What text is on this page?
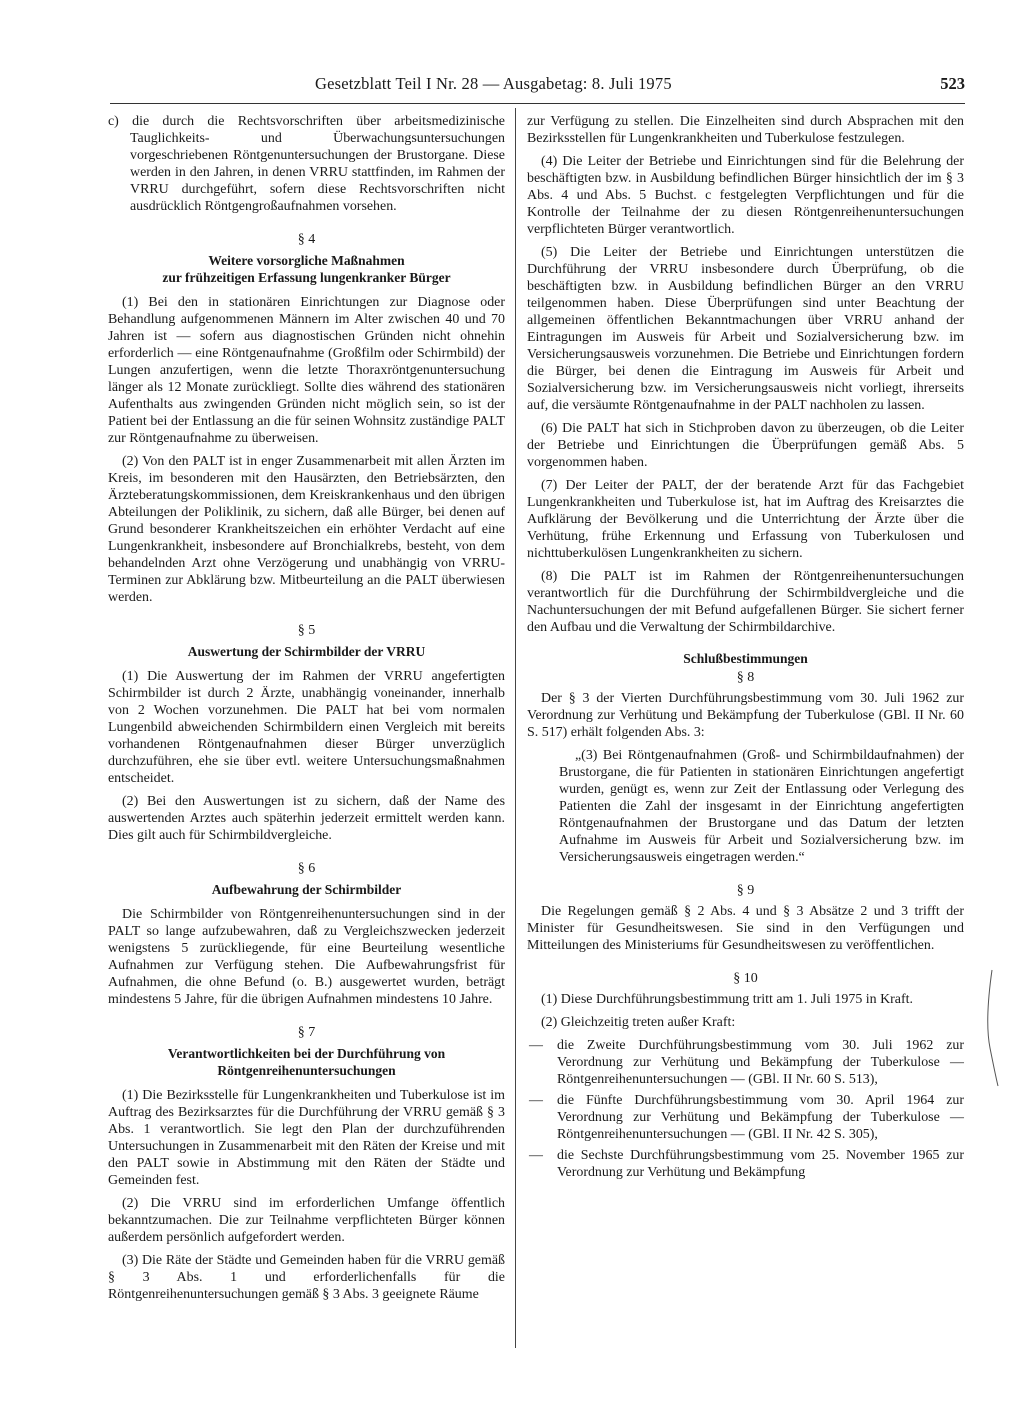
Gesetzblatt Teil I Nr. 28 — Ausgabetag: 8. Juli 1975	523

c) die durch die Rechtsvorschriften über arbeitsmedizinische Tauglichkeits- und Überwachungsuntersuchungen vorgeschriebenen Röntgenuntersuchungen der Brustorgane. Diese werden in den Jahren, in denen VRRU stattfinden, im Rahmen der VRRU durchgeführt, sofern diese Rechtsvorschriften nicht ausdrücklich Röntgengroßaufnahmen vorsehen.

§ 4
Weitere vorsorgliche Maßnahmen
zur frühzeitigen Erfassung lungenkranker Bürger

(1) Bei den in stationären Einrichtungen zur Diagnose oder Behandlung aufgenommenen Männern im Alter zwischen 40 und 70 Jahren ist — sofern aus diagnostischen Gründen nicht ohnehin erforderlich — eine Röntgenaufnahme (Großfilm oder Schirmbild) der Lungen anzufertigen, wenn die letzte Thoraxröntgenuntersuchung länger als 12 Monate zurückliegt. Sollte dies während des stationären Aufenthalts aus zwingenden Gründen nicht möglich sein, so ist der Patient bei der Entlassung an die für seinen Wohnsitz zuständige PALT zur Röntgenaufnahme zu überweisen.

(2) Von den PALT ist in enger Zusammenarbeit mit allen Ärzten im Kreis, im besonderen mit den Hausärzten, den Betriebsärzten, den Ärzteberatungskommissionen, dem Kreiskrankenhaus und den übrigen Abteilungen der Poliklinik, zu sichern, daß alle Bürger, bei denen auf Grund besonderer Krankheitszeichen ein erhöhter Verdacht auf eine Lungenkrankheit, insbesondere auf Bronchialkrebs, besteht, von dem behandelnden Arzt ohne Verzögerung und unabhängig von VRRU-Terminen zur Abklärung bzw. Mitbeurteilung an die PALT überwiesen werden.

§ 5
Auswertung der Schirmbilder der VRRU

(1) Die Auswertung der im Rahmen der VRRU angefertigten Schirmbilder ist durch 2 Ärzte, unabhängig voneinander, innerhalb von 2 Wochen vorzunehmen. Die PALT hat bei vom normalen Lungenbild abweichenden Schirmbildern einen Vergleich mit bereits vorhandenen Röntgenaufnahmen dieser Bürger unverzüglich durchzuführen, ehe sie über evtl. weitere Untersuchungsmaßnahmen entscheidet.

(2) Bei den Auswertungen ist zu sichern, daß der Name des auswertenden Arztes auch späterhin jederzeit ermittelt werden kann. Dies gilt auch für Schirmbildvergleiche.

§ 6
Aufbewahrung der Schirmbilder

Die Schirmbilder von Röntgenreihenuntersuchungen sind in der PALT so lange aufzubewahren, daß zu Vergleichszwecken jederzeit wenigstens 5 zurückliegende, für eine Beurteilung wesentliche Aufnahmen zur Verfügung stehen. Die Aufbewahrungsfrist für Aufnahmen, die ohne Befund (o. B.) ausgewertet wurden, beträgt mindestens 5 Jahre, für die übrigen Aufnahmen mindestens 10 Jahre.

§ 7
Verantwortlichkeiten bei der Durchführung von
Röntgenreihenuntersuchungen

(1) Die Bezirksstelle für Lungenkrankheiten und Tuberkulose ist im Auftrag des Bezirksarztes für die Durchführung der VRRU gemäß § 3 Abs. 1 verantwortlich. Sie legt den Plan der durchzuführenden Untersuchungen in Zusammenarbeit mit den Räten der Kreise und mit den PALT sowie in Abstimmung mit den Räten der Städte und Gemeinden fest.

(2) Die VRRU sind im erforderlichen Umfange öffentlich bekanntzumachen. Die zur Teilnahme verpflichteten Bürger können außerdem persönlich aufgefordert werden.

(3) Die Räte der Städte und Gemeinden haben für die VRRU gemäß § 3 Abs. 1 und erforderlichenfalls für die Röntgenreihenuntersuchungen gemäß § 3 Abs. 3 geeignete Räume

zur Verfügung zu stellen. Die Einzelheiten sind durch Absprachen mit den Bezirksstellen für Lungenkrankheiten und Tuberkulose festzulegen.

(4) Die Leiter der Betriebe und Einrichtungen sind für die Belehrung der beschäftigten bzw. in Ausbildung befindlichen Bürger hinsichtlich der im § 3 Abs. 4 und Abs. 5 Buchst. c festgelegten Verpflichtungen und für die Kontrolle der Teilnahme der zu diesen Röntgenreihenuntersuchungen verpflichteten Bürger verantwortlich.

(5) Die Leiter der Betriebe und Einrichtungen unterstützen die Durchführung der VRRU insbesondere durch Überprüfung, ob die beschäftigten bzw. in Ausbildung befindlichen Bürger an den VRRU teilgenommen haben. Diese Überprüfungen sind unter Beachtung der allgemeinen öffentlichen Bekanntmachungen über VRRU anhand der Eintragungen im Ausweis für Arbeit und Sozialversicherung bzw. im Versicherungsausweis vorzunehmen. Die Betriebe und Einrichtungen fordern die Bürger, bei denen die Eintragung im Ausweis für Arbeit und Sozialversicherung bzw. im Versicherungsausweis nicht vorliegt, ihrerseits auf, die versäumte Röntgenaufnahme in der PALT nachholen zu lassen.

(6) Die PALT hat sich in Stichproben davon zu überzeugen, ob die Leiter der Betriebe und Einrichtungen die Überprüfungen gemäß Abs. 5 vorgenommen haben.

(7) Der Leiter der PALT, der der beratende Arzt für das Fachgebiet Lungenkrankheiten und Tuberkulose ist, hat im Auftrag des Kreisarztes die Aufklärung der Bevölkerung und die Unterrichtung der Ärzte über die Verhütung, frühe Erkennung und Erfassung von Tuberkulosen und nichttuberkulösen Lungenkrankheiten zu sichern.

(8) Die PALT ist im Rahmen der Röntgenreihenuntersuchungen verantwortlich für die Durchführung der Schirmbildvergleiche und die Nachuntersuchungen der mit Befund aufgefallenen Bürger. Sie sichert ferner den Aufbau und die Verwaltung der Schirmbildarchive.

Schlußbestimmungen
§ 8

Der § 3 der Vierten Durchführungsbestimmung vom 30. Juli 1962 zur Verordnung zur Verhütung und Bekämpfung der Tuberkulose (GBl. II Nr. 60 S. 517) erhält folgenden Abs. 3:

„(3) Bei Röntgenaufnahmen (Groß- und Schirmbildaufnahmen) der Brustorgane, die für Patienten in stationären Einrichtungen angefertigt wurden, genügt es, wenn zur Zeit der Entlassung oder Verlegung des Patienten die Zahl der insgesamt in der Einrichtung angefertigten Röntgenaufnahmen der Brustorgane und das Datum der letzten Aufnahme im Ausweis für Arbeit und Sozialversicherung bzw. im Versicherungsausweis eingetragen werden.“

§ 9

Die Regelungen gemäß § 2 Abs. 4 und § 3 Absätze 2 und 3 trifft der Minister für Gesundheitswesen. Sie sind in den Verfügungen und Mitteilungen des Ministeriums für Gesundheitswesen zu veröffentlichen.

§ 10

(1) Diese Durchführungsbestimmung tritt am 1. Juli 1975 in Kraft.

(2) Gleichzeitig treten außer Kraft:

— die Zweite Durchführungsbestimmung vom 30. Juli 1962 zur Verordnung zur Verhütung und Bekämpfung der Tuberkulose — Röntgenreihenuntersuchungen — (GBl. II Nr. 60 S. 513),
— die Fünfte Durchführungsbestimmung vom 30. April 1964 zur Verordnung zur Verhütung und Bekämpfung der Tuberkulose — Röntgenreihenuntersuchungen — (GBl. II Nr. 42 S. 305),
— die Sechste Durchführungsbestimmung vom 25. November 1965 zur Verordnung zur Verhütung und Bekämpfung
